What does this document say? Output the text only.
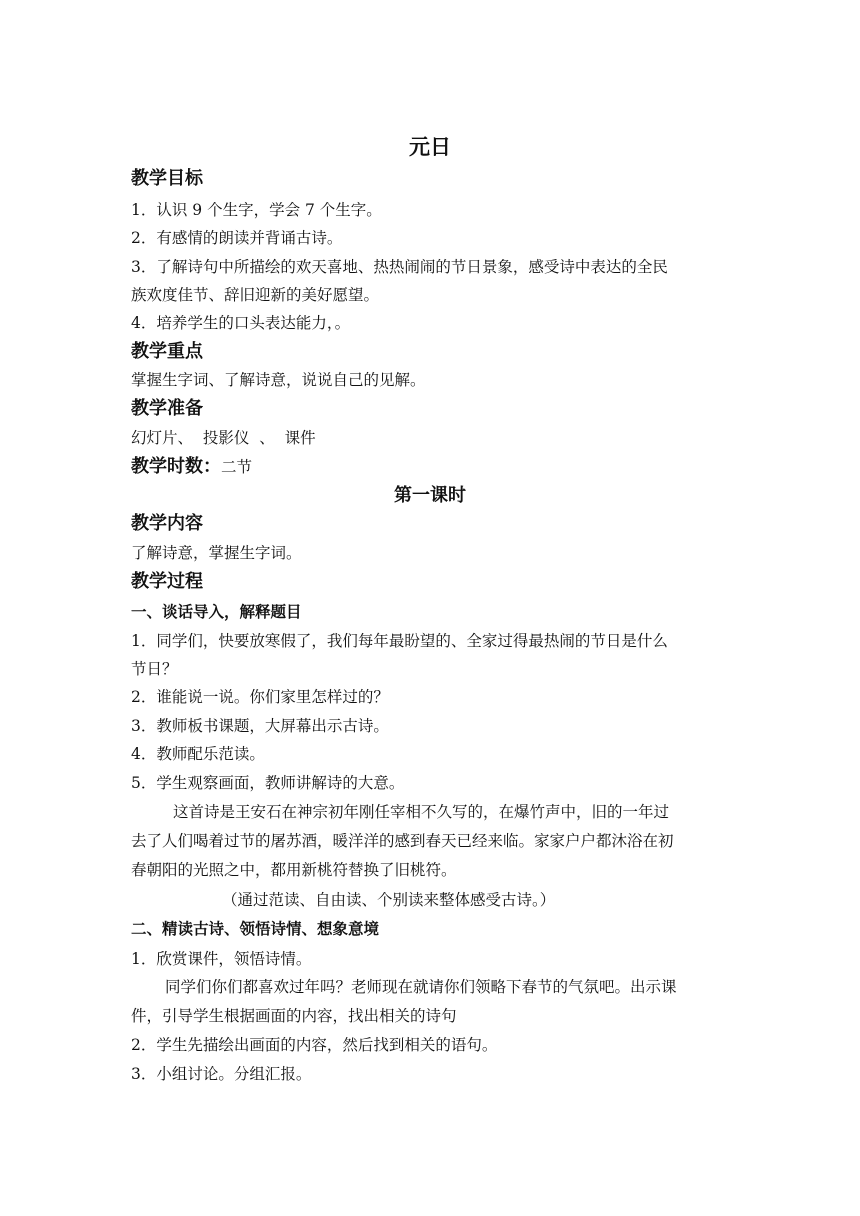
元日
教学目标
1．认识 9 个生字，学会 7 个生字。
2．有感情的朗读并背诵古诗。
3．了解诗句中所描绘的欢天喜地、热热闹闹的节日景象，感受诗中表达的全民
族欢度佳节、辞旧迎新的美好愿望。
4．培养学生的口头表达能力，。
教学重点
掌握生字词、了解诗意，说说自己的见解。
教学准备
幻灯片、  投影仪  、  课件
教学时数：二节
第一课时
教学内容
了解诗意，掌握生字词。
教学过程
一、谈话导入，解释题目
1．同学们，快要放寒假了，我们每年最盼望的、全家过得最热闹的节日是什么
节日？
2．谁能说一说。你们家里怎样过的？
3．教师板书课题，大屏幕出示古诗。
4．教师配乐范读。
5．学生观察画面，教师讲解诗的大意。
这首诗是王安石在神宗初年刚任宰相不久写的，在爆竹声中，旧的一年过
去了人们喝着过节的屠苏酒，暖洋洋的感到春天已经来临。家家户户都沐浴在初
春朝阳的光照之中，都用新桃符替换了旧桃符。
（通过范读、自由读、个别读来整体感受古诗。）
二、精读古诗、领悟诗情、想象意境
1．欣赏课件，领悟诗情。
同学们你们都喜欢过年吗？老师现在就请你们领略下春节的气氛吧。出示课
件，引导学生根据画面的内容，找出相关的诗句
2．学生先描绘出画面的内容，然后找到相关的语句。
3．小组讨论。分组汇报。
